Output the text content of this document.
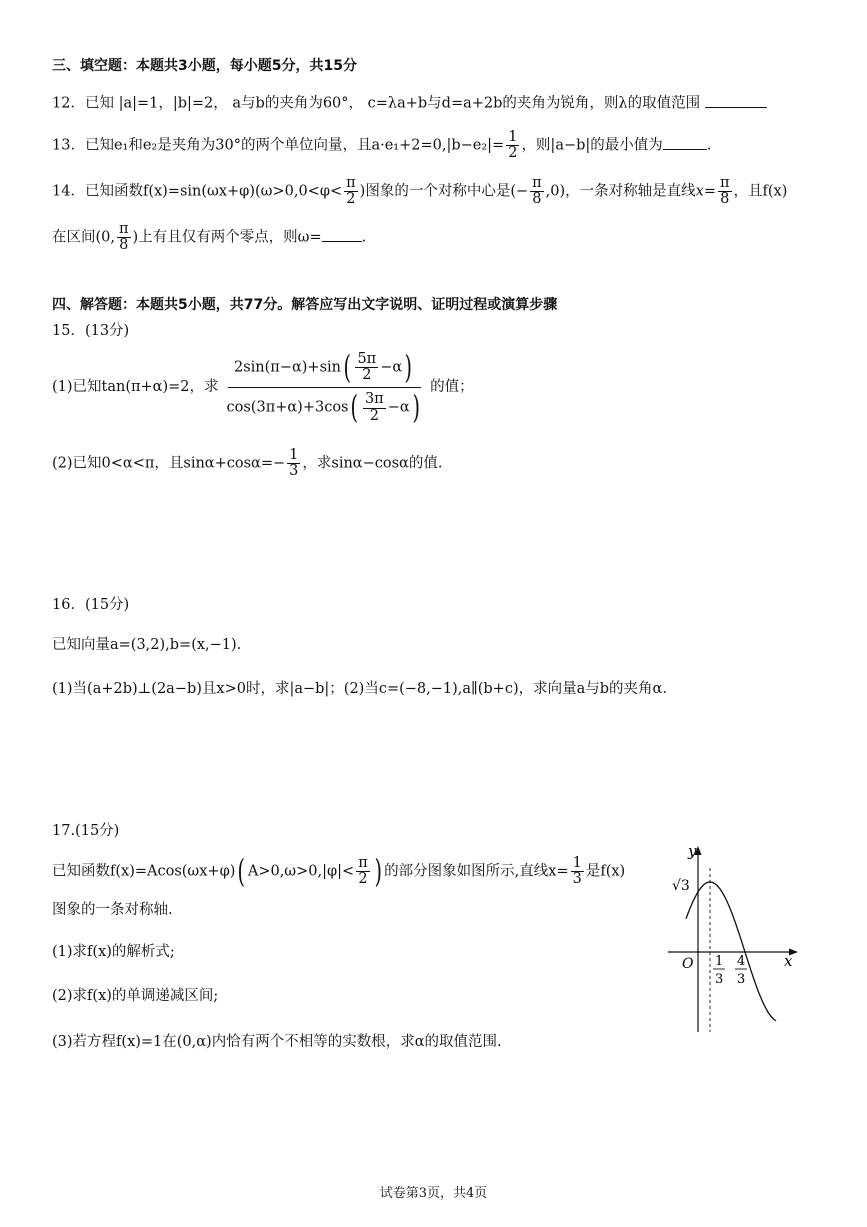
三、填空题：本题共3小题，每小题5分，共15分
12．已知 |a|=1，|b|=2， a与b的夹角为60°， c=λa+b与d=a+2b的夹角为锐角，则λ的取值范围
13．已知e₁和e₂是夹角为30°的两个单位向量，且$a\cdot e_1+2=0,|b-e_2|= \frac{1}{2}$ ，则|a−b|的最小值为	.
14．已知函数$f(x)=\sin(\omega x+\varphi)(\omega>0,0<\varphi< \frac{\pi}{2}$ )图象的一个对称中心是(− $\frac{\pi}{8} ,0$)，一条对称轴是直线$x= \frac{\pi}{8}$ ，且f(x)
在区间(0, $\frac{\pi}{8}$ )上有且仅有两个零点，则ω=	.
四、解答题：本题共5小题，共77分。解答应写出文字说明、证明过程或演算步骤
15．(13分)
(1)已知tan(π+α)=2，求 $\frac{2\sin(\pi-\alpha)+\sin( \frac{5\pi}{2} -\alpha)}{\cos(3\pi+\alpha)+3\cos( \frac{3\pi}{2} -\alpha)}$ 的值；
(2)已知0<α<π，且$\sin\alpha+\cos\alpha=- \frac{1}{3}$ ，求sinα−cosα的值.
16．(15分)
已知向量a=(3,2),b=(x,−1).
(1)当(a+2b)⊥(2a−b)且x>0时，求|a−b|；(2)当c=(−8,−1),a∥(b+c)，求向量a与b的夹角α.
17.(15分)
已知函数f(x)=Acos(ωx+φ)( $A>0,\omega>0,|\varphi|< \frac{\pi}{2}$ ) 的部分图象如图所示,直线$x= \frac{1}{3}$ 是f(x)
图象的一条对称轴.
(1)求f(x)的解析式;
(2)求f(x)的单调递减区间;
(3)若方程f(x)=1在(0,α)内恰有两个不相等的实数根，求α的取值范围.
y
x
O
√3
1
3
4
3
试卷第3页，共4页
